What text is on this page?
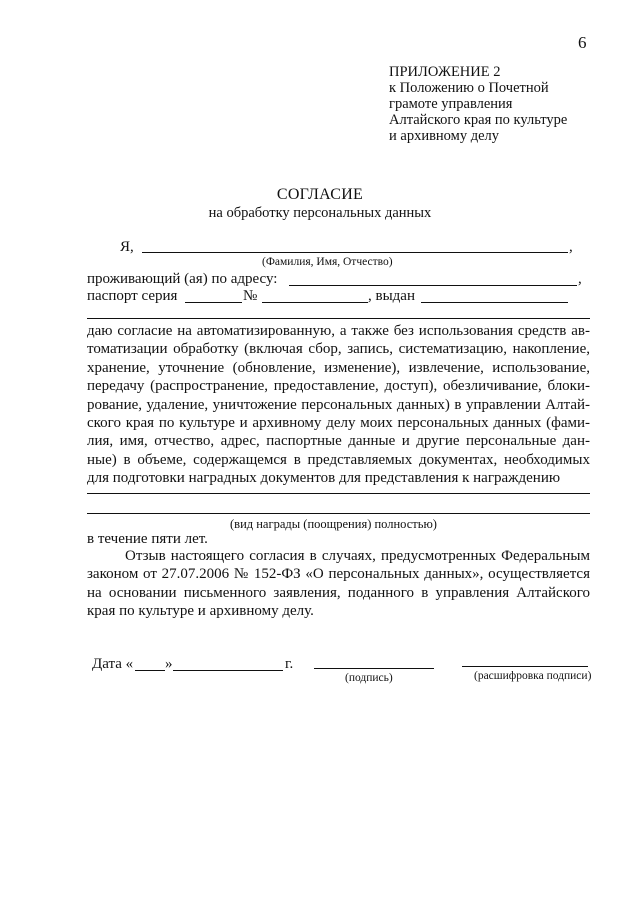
6
ПРИЛОЖЕНИЕ 2
к Положению о Почетной
грамоте управления
Алтайского края по культуре
и архивному делу
СОГЛАСИЕ
на обработку персональных данных
Я,	,
(Фамилия, Имя, Отчество)
проживающий (ая) по адресу:	,
паспорт серия	№	, выдан
даю согласие на автоматизированную, а также без использования средств ав-
томатизации обработку (включая сбор, запись, систематизацию, накопление,
хранение, уточнение (обновление, изменение), извлечение, использование,
передачу (распространение, предоставление, доступ), обезличивание, блоки-
рование, удаление, уничтожение персональных данных) в управлении Алтай-
ского края по культуре и архивному делу моих персональных данных (фами-
лия, имя, отчество, адрес, паспортные данные и другие персональные дан-
ные) в объеме, содержащемся в представляемых документах, необходимых
для подготовки наградных документов для представления к награждению
(вид награды (поощрения) полностью)
в течение пяти лет.
Отзыв настоящего согласия в случаях, предусмотренных Федеральным
законом от 27.07.2006 № 152-ФЗ «О персональных данных», осуществляется
на основании письменного заявления, поданного в управления Алтайского
края по культуре и архивному делу.
Дата « »	г.
(подпись)	(расшифровка подписи)
